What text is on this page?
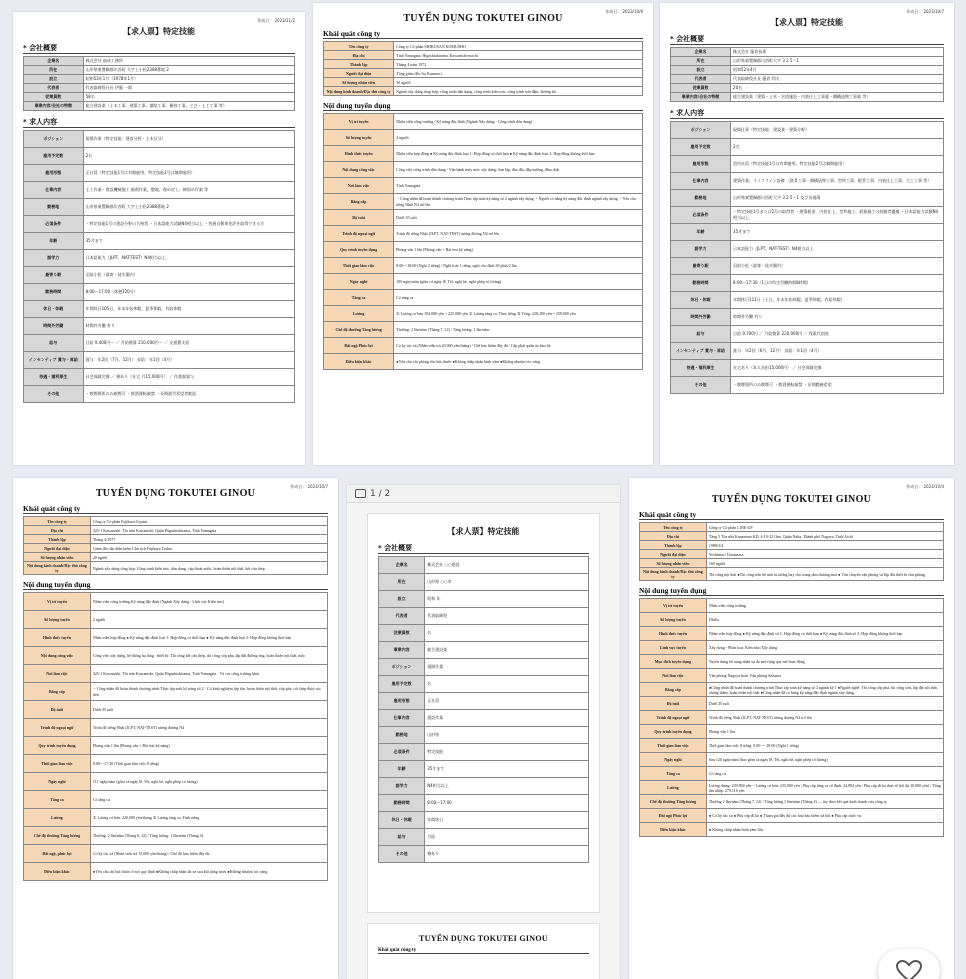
作成日： 2023/11/2
【求人票】特定技能
* 会社概要
企業名	株式会社 福成工務所
所在	山形県東置賜郡川西町 大字上小松2388番地 2
設立	昭和53年1月（1978年1月）
代表者	代表取締役社長 伊藤 一郎
従業員数	58名
事業内容/会社の特徴	総合建設業（土木工事、建築工事、舗装工事、解体工事、とび・土工工事 等）
* 求人内容
ポジション	現場作業（特定技能：建設分野・土木区分）
雇用予定数	2名
雇用形態	正社員（特定技能1号は有期雇用、特定技能2号は無期雇用）
仕事内容	土工作業・建設機械施工 掘削作業、整地、埋め戻し、締固め作業 等
勤務地	山形県東置賜郡川西町 大字上小松2388番地 2
必須条件	・特定技能1号の建設分野の合格者 ・日本語能力試験N4相当以上 ・普通自動車免許を取得できる方
年齢	35才まで
語学力	日本語能力（JLPT、NAT-TEST）N4相当以上
最寄り駅	羽前小松（最寄・徒歩圏内）
勤務時間	8:00〜17:00（休憩120分）
休日・休暇	年間休日105日、年末年始休暇、夏季休暇、有給休暇
時間外労働	時間外労働 有り
給与	日給 9,400円〜 ／ 月給換算 210,000円〜 ／ 交通費支給
インセンティブ 賞与・昇給	賞与：年2回（7月、12月） 昇給：年1回（4月）
待遇・福利厚生	社会保険完備 ／ 寮あり（社宅 月15,000円） ／ 作業服貸与
その他	・喫煙場所のみ喫煙可 ・飲酒運転厳禁 ・長期就労希望者歓迎
作成日： 2023/10/9
TUYỂN DỤNG TOKUTEI GINOU
Khái quát công ty
Tên công ty	Công ty Cổ phần SHIKUSAN KOMUSHO
Địa chỉ	Tỉnh Yamagata, Higashiokitama, Kawanishi-machi
Thành lập	Tháng 4 năm 1972
Người đại diện	Tổng giám đốc Ito Kazunori
Số lượng nhân viên	30 người
Nội dung kinh doanh/Đặc thù công ty	Ngành xây dựng tổng hợp: công trình dân dụng, công trình kiến trúc, công trình sơn đậm, đường bộ.
Nội dung tuyển dụng
Vị trí tuyển	Nhân viên công trường / Kỹ năng đặc định (Ngành Xây dựng - Công trình dân dụng)
Số lượng tuyển	2 người
Hình thức tuyển	Nhân viên hợp đồng ● Kỹ năng đặc định loại 1: Hợp đồng có thời hạn ● Kỹ năng đặc định loại 2: Hợp đồng không thời hạn
Nội dung công việc	Công việc công trình dân dụng - Vận hành máy móc xây dựng; San lấp, đào đất, đắp nướng, đầm chặt
Nơi làm việc	Tỉnh Yamagata
Bằng cấp	・Công nhân đã hoàn thành chương trình Thực tập sinh kỹ năng số 2 ngành xây dựng ・Người có bằng kỹ năng đặc định ngành xây dựng ・Yêu cầu tiếng Nhật N4 trở lên
Độ tuổi	Dưới 35 tuổi
Trình độ ngoại ngữ	Trình độ tiếng Nhật (JLPT, NAT-TEST) tương đương N4 trở lên
Quy trình tuyển dụng	Phỏng vấn 1 lần (Phỏng vấn + Bài test kỹ năng)
Thời gian làm việc	8:00〜18:00 (Nghỉ 2 tiếng) / Nghỉ trưa 1 tiếng, nghỉ cho định 30 phút/2 lần
Ngày nghỉ	105 ngày/năm (gồm cả ngày lễ, Tết, nghỉ hè, nghỉ phép có lương)
Tăng ca	Có tăng ca
Lương	① Lương cơ bản 194,000 yên ~ 225,000 yên ② Lương tăng ca: Theo tiếng ③ Tổng: 228,290 yên ~ 259,000 yên
Chế độ thưởng Tăng lương	Thưởng: 2 lần/năm (Tháng 7, 12) / Tăng lương: 1 lần/năm
Đãi ngộ Phúc lợi	Có ký túc xá (Nhân viên trả 20,000 yên/tháng) / Chế bảo hiểm đầy đủ / Cấp phát quần áo bảo hộ
Điều kiện khác	●Yêu cầu chỉ phòng cho hút thuốc ●Không chấp nhận hình xăm ●Không nhuộm tóc vàng
作成日： 2023/10/7
【求人票】特定技能
* 会社概要
企業名	株式会社 藤倉技術
所在	山形県東置賜郡川西町大字 3 2 5 - 1
設立	昭和52年4月
代表者	代表取締役社長 藤倉 利夫
従業員数	20名
事業内容/会社の特徴	総合建設業（建築・土木・水道施設・内装仕上工事業・鋼構造物工事業 等）
* 求人内容
ポジション	現場仕事（特定技能：建設業・建築分野）
雇用予定数	2名
雇用形態	契約社員（特定技能1号は有期雇用、特定技能2号は無期雇用）
仕事内容	建築作業、ライフライン設備 （鉄骨工事・鋼構造物工事、型枠工事、配管工事、内装仕上工事、大工工事 等）
勤務地	山形県東置賜郡川西町大字 3 2 5 - 1 及び各現場
必須条件	・特定技能1号または2号の取得者 ・建築板金、内装仕上、型枠施工、鉄筋施工の経験者優遇 ・日本語能力試験N4相当以上
年齢	35才まで
語学力	日本語能力（JLPT、NAT-TEST）N4相当以上
最寄り駅	羽前小松（最寄・徒歩圏内）
勤務時間	8:00〜17:30（1日の所定労働時間8時間）
休日・休暇	年間休日111日（土日、年末年始休暇、夏季休暇、有給休暇）
時間外労働	時間外労働 有り
給与	日給 9,700円 ／ 月給換算 220,000円 ／ 残業代別途
インセンティブ 賞与・昇給	賞与：年2回（6月、12月） 昇給：年1回（4月）
待遇・福利厚生	社宅あり（本人負担15,000円） ／ 社会保険完備
その他	・喫煙場所のみ喫煙可 ・飲酒運転厳禁 ・長期勤務希望
作成日： 2023/10/7
TUYỂN DỤNG TOKUTEI GINOU
Khái quát công ty
Tên công ty	Công ty Cổ phần Fujikura Gijutsu
Địa chỉ	325-1 Kawanishi, Thị trấn Kawanishi, Quận Higashiokitama, Tỉnh Yamagata
Thành lập	Tháng 4/1977
Người đại diện	Giám đốc đại diện kiêm Chủ tịch Fujikura Toshio
Số lượng nhân viên	20 người
Nội dung kinh doanh/Đặc thù công ty	Ngành xây dựng tổng hợp: Công trình kiến trúc, dân dụng, cấp thoát nước, hoàn thiện nội thất, kết cấu thép
Nội dung tuyển dụng
Vị trí tuyển	Nhân viên công trường Kỹ năng đặc định (Ngành Xây dựng - Lĩnh vực Kiến trúc)
Số lượng tuyển	2 người
Hình thức tuyển	Nhân viên hợp đồng ● Kỹ năng đặc định loại 1: Hợp đồng có thời hạn ● Kỹ năng đặc định loại 2: Hợp đồng không thời hạn
Nội dung công việc	Công việc xây dựng, hệ thống hạ tầng · thiết bị: Thi công kết cấu thép, thi công cốp pha, lắp đặt đường ống, hoàn thiện nội thất, mộc
Nơi làm việc	325-1 Kawanishi, Thị trấn Kawanishi, Quận Higashiokitama, Tỉnh Yamagata · Và các công trường khác
Bằng cấp	・Công nhân đã hoàn thành chương trình Thực tập sinh kỹ năng số 2 · Có kinh nghiệm lợp tôn, hoàn thiện nội thất, cốp pha, cốt thép được ưu tiên
Độ tuổi	Dưới 35 tuổi
Trình độ ngoại ngữ	Trình độ tiếng Nhật (JLPT, NAT-TEST) tương đương N4
Quy trình tuyển dụng	Phỏng vấn 1 lần (Phỏng vấn + Bài test kỹ năng)
Thời gian làm việc	8:00〜17:30 (Thời gian làm việc 8 tiếng)
Ngày nghỉ	111 ngày/năm (gồm cả ngày lễ, Tết, nghỉ hè, nghỉ phép có lương)
Tăng ca	Có tăng ca
Lương	① Lương cơ bản: 220,000 yên/tháng ② Lương tăng ca: Tính riêng
Chế độ thưởng Tăng lương	Thưởng: 2 lần/năm (Tháng 6, 12) / Tăng lương: 1 lần/năm (Tháng 4)
Đãi ngộ, phúc lợi	Có ký túc xá (Nhân viên trả 15,000 yên/tháng) / Chế độ bảo hiểm đầy đủ
Điều kiện khác	●Yêu cầu chỉ hút thuốc ở nơi quy định ●Không chấp nhận lái xe sau khi uống rượu ●Không nhuộm tóc vàng
1 / 2
【求人票】特定技能
* 会社概要
企業名	株式会社 ○○建設
所在	山形県 ○○市
設立	昭和 年
代表者	代表取締役
従業員数	名
事業内容	総合建設業
ポジション	現場作業
雇用予定数	名
雇用形態	正社員
仕事内容	建設作業
勤務地	山形県
必須条件	特定技能
年齢	35才まで
語学力	N4相当以上
勤務時間	8:00〜17:00
休日・休暇	年間休日
給与	月給
その他	寮あり
TUYỂN DỤNG TOKUTEI GINOU
Khái quát công ty
作成日： 2023/10/4
TUYỂN DỤNG TOKUTEI GINOU
Khái quát công ty
Tên công ty	Công ty Cổ phần LINE-UP
Địa chỉ	Tầng 5 Tòa nhà Kanamura KD, 4-10-32 Ono, Quận Naka, Thành phố Nagoya, Tỉnh Aichi
Thành lập	1988/2/4
Người đại diện	Yoshimori Tatsumasa
Số lượng nhân viên	160 người
Nội dung kinh doanh/Đặc thù công ty	Thi công nội thất ●Thi công trên bề mặt tủ tường bay cho trung tâm thương mại ● Vận chuyển vận phòng và lắp đặt thiết bị văn phòng
Nội dung tuyển dụng
Vị trí tuyển	Nhân viên công trường
Số lượng tuyển	Nhiều
Hình thức tuyển	Nhân viên hợp đồng ● Kỹ năng đặc định số 1: Hợp đồng có thời hạn ● Kỹ năng đặc định số 2: Hợp đồng không thời hạn
Lĩnh vực tuyển	Xây dựng - Phân loại: Kiến trúc/Xây dựng
Mục đích tuyển dụng	Tuyển dụng bổ sung nhân sự do mở rộng quy mô hoạt động
Nơi làm việc	Văn phòng Nagoya hoặc Văn phòng Saitama
Bằng cấp	●Công nhân đã hoàn thành chương trình Thực tập sinh kỹ năng số 2 ngành kỹ 1 ●Người nghề: Thi công cốp pha, thi công sơn, lắp đặt nội thất, chống thấm, hoàn thiện nội thất ●Công nhân đã có bằng kỹ năng đặc định ngành xây dựng
Độ tuổi	Dưới 35 tuổi
Trình độ ngoại ngữ	Trình độ tiếng Nhật (JLPT, NAT-TEST) tương đương N4 trở lên
Quy trình tuyển dụng	Phỏng vấn 1 lần
Thời gian làm việc	Thời gian làm việc 8 tiếng: 9:00 〜 18:00 (Nghỉ 1 tiếng)
Ngày nghỉ	Sau 120 ngày/năm (bao gồm cả ngày lễ, Tết, nghỉ hè, nghỉ phép có lương)
Tăng ca	Có tăng ca
Lương	Lương tháng: 239,894 yên ~ Lương cơ bản: 235,000 yên / Phụ cấp tăng ca cố định: 24,894 yên / Phụ cấp đi lại thực tế (tối đa 10,000 yên) / Tổng thu nhập: 279,116 yên
Chế độ thưởng Tăng lương	Thưởng 2 lần/năm (Tháng 7, 12) / Tăng lương 1 lần/năm (Tháng 4) — tùy theo kết quả kinh doanh của công ty
Đãi ngộ Phúc lợi	● Có ký túc xá ● Phụ cấp đi lại ● Tham gia đầy đủ các loại bảo hiểm xã hội ● Phụ cấp chức vụ
Điều kiện khác	● Không chấp nhận hình xăm lớn
